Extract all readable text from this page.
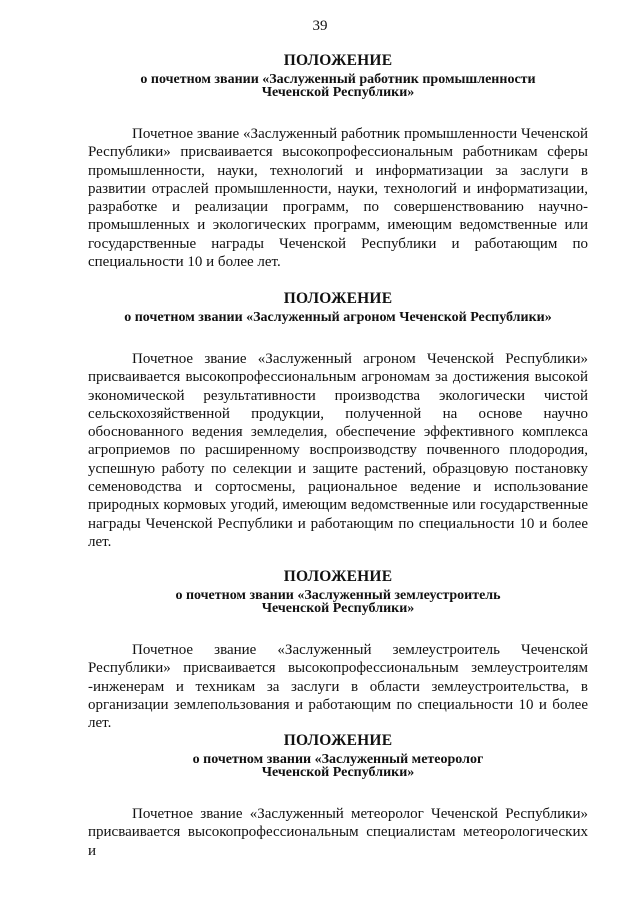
39
ПОЛОЖЕНИЕ
о почетном звании «Заслуженный работник промышленности
Чеченской Республики»
Почетное звание «Заслуженный работник промышленности Чеченской Республики» присваивается высокопрофессиональным работникам сферы промышленности, науки, технологий и информатизации за заслуги в развитии отраслей промышленности, науки, технологий и информатизации, разработке и реализации программ, по совершенствованию научно-промышленных и экологических программ, имеющим ведомственные или государственные награды Чеченской Республики и работающим по специальности 10 и более лет.
ПОЛОЖЕНИЕ
о почетном звании «Заслуженный агроном Чеченской Республики»
Почетное звание «Заслуженный агроном Чеченской Республики» присваивается высокопрофессиональным агрономам за достижения высокой экономической результативности производства экологически чистой сельскохозяйственной продукции, полученной на основе научно обоснованного ведения земледелия, обеспечение эффективного комплекса агроприемов по расширенному воспроизводству почвенного плодородия, успешную работу по селекции и защите растений, образцовую постановку семеноводства и сортосмены, рациональное ведение и использование природных кормовых угодий, имеющим ведомственные или государственные награды Чеченской Республики и работающим по специальности 10 и более лет.
ПОЛОЖЕНИЕ
о почетном звании «Заслуженный землеустроитель
Чеченской Республики»
Почетное звание «Заслуженный землеустроитель Чеченской Республики» присваивается высокопрофессиональным землеустроителям -инженерам и техникам за заслуги в области землеустроительства, в организации землепользования и работающим по специальности 10 и более лет.
ПОЛОЖЕНИЕ
о почетном звании «Заслуженный метеоролог
Чеченской Республики»
Почетное звание «Заслуженный метеоролог Чеченской Республики» присваивается высокопрофессиональным специалистам метеорологических и
